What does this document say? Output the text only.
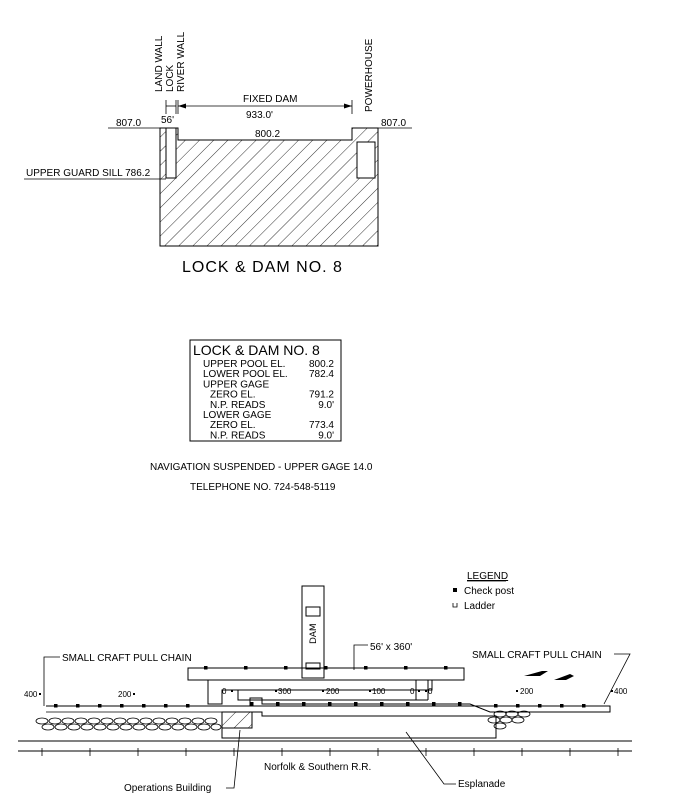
LAND WALL LOCK RIVER WALL	POWERHOUSE
56'
FIXED DAM
933.0'
807.0	807.0
800.2
UPPER GUARD SILL 786.2
LOCK & DAM NO. 8
LOCK & DAM NO. 8
UPPER POOL EL. 800.2
LOWER POOL EL. 782.4
UPPER GAGE
ZERO EL.	791.2
N.P. READS	9.0'
LOWER GAGE
ZERO EL.	773.4
N.P. READS	9.0'
NAVIGATION SUSPENDED - UPPER GAGE 14.0
TELEPHONE NO. 724-548-5119
LEGEND
Check post
Ladder
DAM
56' x 360'
400	200	0	300	200	100	0 0	200	400
SMALL CRAFT PULL CHAIN	SMALL CRAFT PULL CHAIN
Norfolk & Southern R.R.
Operations Building	Esplanade
